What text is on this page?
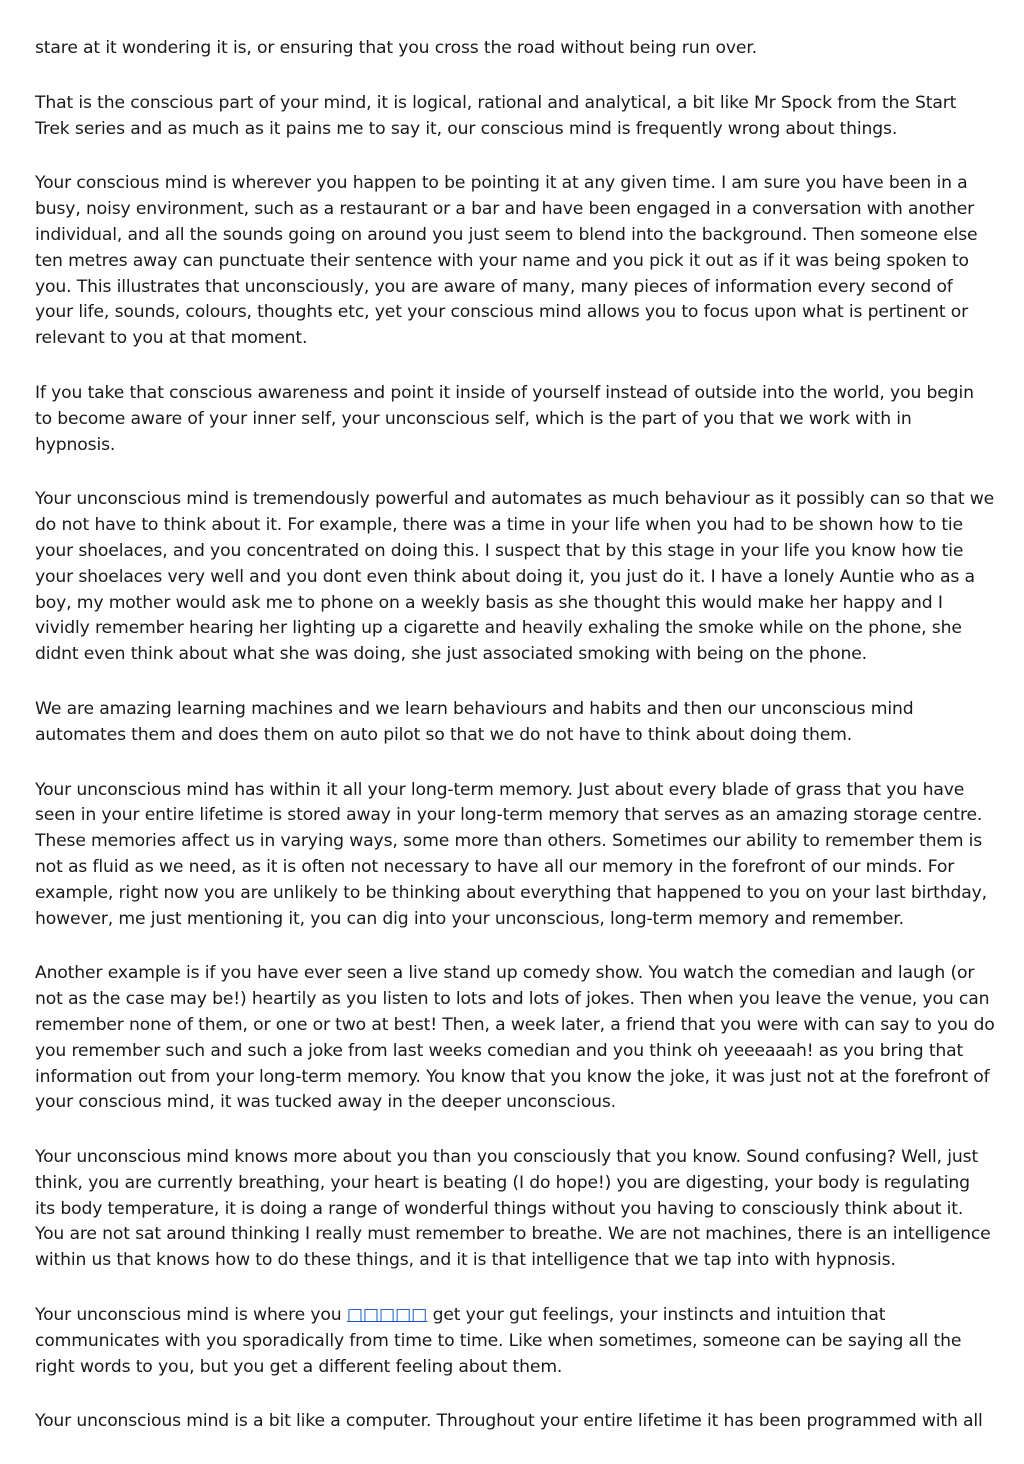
stare at it wondering it is, or ensuring that you cross the road without being run over.

That is the conscious part of your mind, it is logical, rational and analytical, a bit like Mr Spock from the Start Trek series and as much as it pains me to say it, our conscious mind is frequently wrong about things.

Your conscious mind is wherever you happen to be pointing it at any given time. I am sure you have been in a busy, noisy environment, such as a restaurant or a bar and have been engaged in a conversation with another individual, and all the sounds going on around you just seem to blend into the background. Then someone else ten metres away can punctuate their sentence with your name and you pick it out as if it was being spoken to you. This illustrates that unconsciously, you are aware of many, many pieces of information every second of your life, sounds, colours, thoughts etc, yet your conscious mind allows you to focus upon what is pertinent or relevant to you at that moment.

If you take that conscious awareness and point it inside of yourself instead of outside into the world, you begin to become aware of your inner self, your unconscious self, which is the part of you that we work with in hypnosis.

Your unconscious mind is tremendously powerful and automates as much behaviour as it possibly can so that we do not have to think about it. For example, there was a time in your life when you had to be shown how to tie your shoelaces, and you concentrated on doing this. I suspect that by this stage in your life you know how tie your shoelaces very well and you dont even think about doing it, you just do it. I have a lonely Auntie who as a boy, my mother would ask me to phone on a weekly basis as she thought this would make her happy and I vividly remember hearing her lighting up a cigarette and heavily exhaling the smoke while on the phone, she didnt even think about what she was doing, she just associated smoking with being on the phone.

We are amazing learning machines and we learn behaviours and habits and then our unconscious mind automates them and does them on auto pilot so that we do not have to think about doing them.

Your unconscious mind has within it all your long-term memory. Just about every blade of grass that you have seen in your entire lifetime is stored away in your long-term memory that serves as an amazing storage centre. These memories affect us in varying ways, some more than others. Sometimes our ability to remember them is not as fluid as we need, as it is often not necessary to have all our memory in the forefront of our minds. For example, right now you are unlikely to be thinking about everything that happened to you on your last birthday, however, me just mentioning it, you can dig into your unconscious, long-term memory and remember.

Another example is if you have ever seen a live stand up comedy show. You watch the comedian and laugh (or not as the case may be!) heartily as you listen to lots and lots of jokes. Then when you leave the venue, you can remember none of them, or one or two at best! Then, a week later, a friend that you were with can say to you do you remember such and such a joke from last weeks comedian and you think oh yeeeaaah! as you bring that information out from your long-term memory. You know that you know the joke, it was just not at the forefront of your conscious mind, it was tucked away in the deeper unconscious.

Your unconscious mind knows more about you than you consciously that you know. Sound confusing? Well, just think, you are currently breathing, your heart is beating (I do hope!) you are digesting, your body is regulating its body temperature, it is doing a range of wonderful things without you having to consciously think about it. You are not sat around thinking I really must remember to breathe. We are not machines, there is an intelligence within us that knows how to do these things, and it is that intelligence that we tap into with hypnosis.

Your unconscious mind is where you □□□□□ get your gut feelings, your instincts and intuition that communicates with you sporadically from time to time. Like when sometimes, someone can be saying all the right words to you, but you get a different feeling about them.

Your unconscious mind is a bit like a computer. Throughout your entire lifetime it has been programmed with all
